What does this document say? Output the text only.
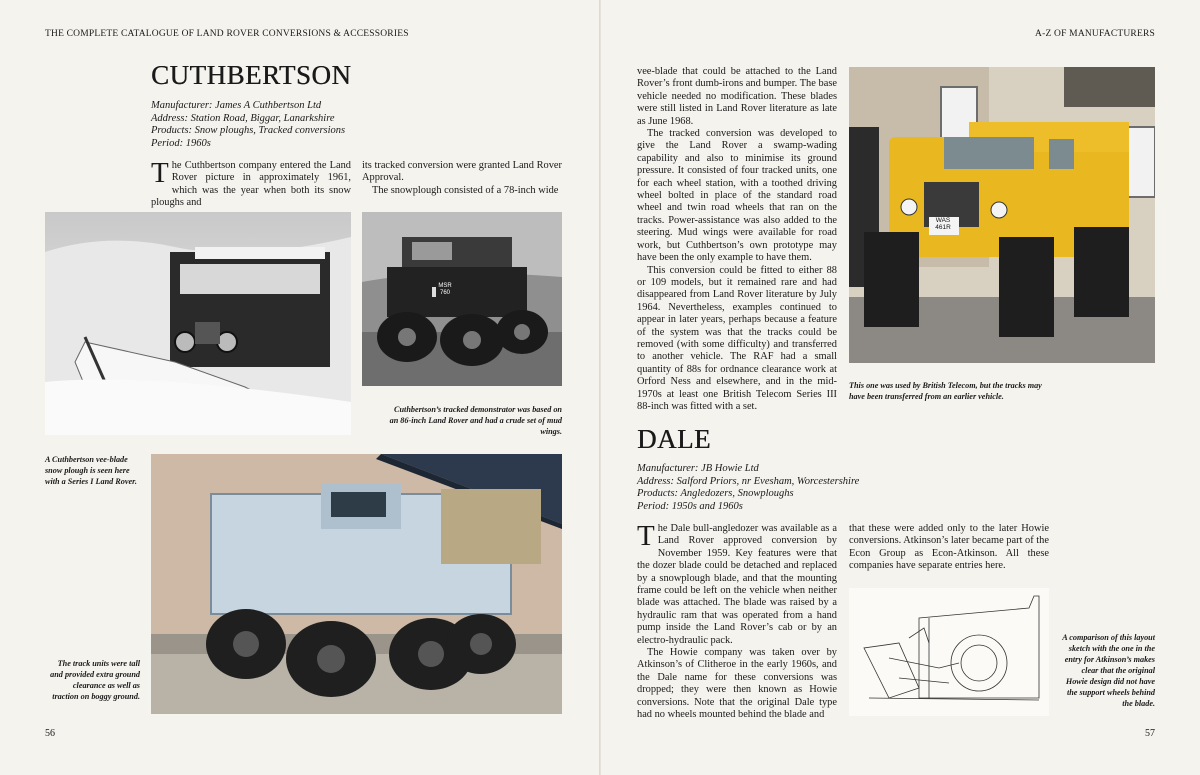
THE COMPLETE CATALOGUE OF LAND ROVER CONVERSIONS & ACCESSORIES
CUTHBERTSON
Manufacturer: James A Cuthbertson Ltd
Address: Station Road, Biggar, Lanarkshire
Products: Snow ploughs, Tracked conversions
Period: 1960s

The Cuthbertson company entered the Land Rover picture in approximately 1961, which was the year when both its snow ploughs and

its tracked conversion were granted Land Rover Approval.

The snowplough consisted of a 78-inch wide

MSR 760
Cuthbertson’s tracked demonstrator was based on an 86-inch Land Rover and had a crude set of mud wings.
A Cuthbertson vee-blade snow plough is seen here with a Series I Land Rover.
The track units were tall and provided extra ground clearance as well as traction on boggy ground.
56
A-Z OF MANUFACTURERS

vee-blade that could be attached to the Land Rover’s front dumb-irons and bumper. The base vehicle needed no modification. These blades were still listed in Land Rover literature as late as June 1968.

The tracked conversion was developed to give the Land Rover a swamp-wading capability and also to minimise its ground pressure. It consisted of four tracked units, one for each wheel station, with a toothed driving wheel bolted in place of the standard road wheel and twin road wheels that ran on the tracks. Power-assistance was also added to the steering. Mud wings were available for road work, but Cuthbertson’s own prototype may have been the only example to have them.

This conversion could be fitted to either 88 or 109 models, but it remained rare and had disappeared from Land Rover literature by July 1964. Nevertheless, examples continued to appear in later years, perhaps because a feature of the system was that the tracks could be removed (with some difficulty) and transferred to another vehicle. The RAF had a small quantity of 88s for ordnance clearance work at Orford Ness and elsewhere, and in the mid-1970s at least one British Telecom Series III 88-inch was fitted with a set.

WAS 461R
This one was used by British Telecom, but the tracks may have been transferred from an earlier vehicle.
DALE
Manufacturer: JB Howie Ltd
Address: Salford Priors, nr Evesham, Worcestershire
Products: Angledozers, Snowploughs
Period: 1950s and 1960s

The Dale bull-angledozer was available as a Land Rover approved conversion by November 1959. Key features were that the dozer blade could be detached and replaced by a snowplough blade, and that the mounting frame could be left on the vehicle when neither blade was attached. The blade was raised by a hydraulic ram that was operated from a hand pump inside the Land Rover’s cab or by an electro-hydraulic pack.

The Howie company was taken over by Atkinson’s of Clitheroe in the early 1960s, and the Dale name for these conversions was dropped; they were then known as Howie conversions. Note that the original Dale type had no wheels mounted behind the blade and

that these were added only to the later Howie conversions. Atkinson’s later became part of the Econ Group as Econ-Atkinson. All these companies have separate entries here.

A comparison of this layout sketch with the one in the entry for Atkinson’s makes clear that the original Howie design did not have the support wheels behind the blade.
57
